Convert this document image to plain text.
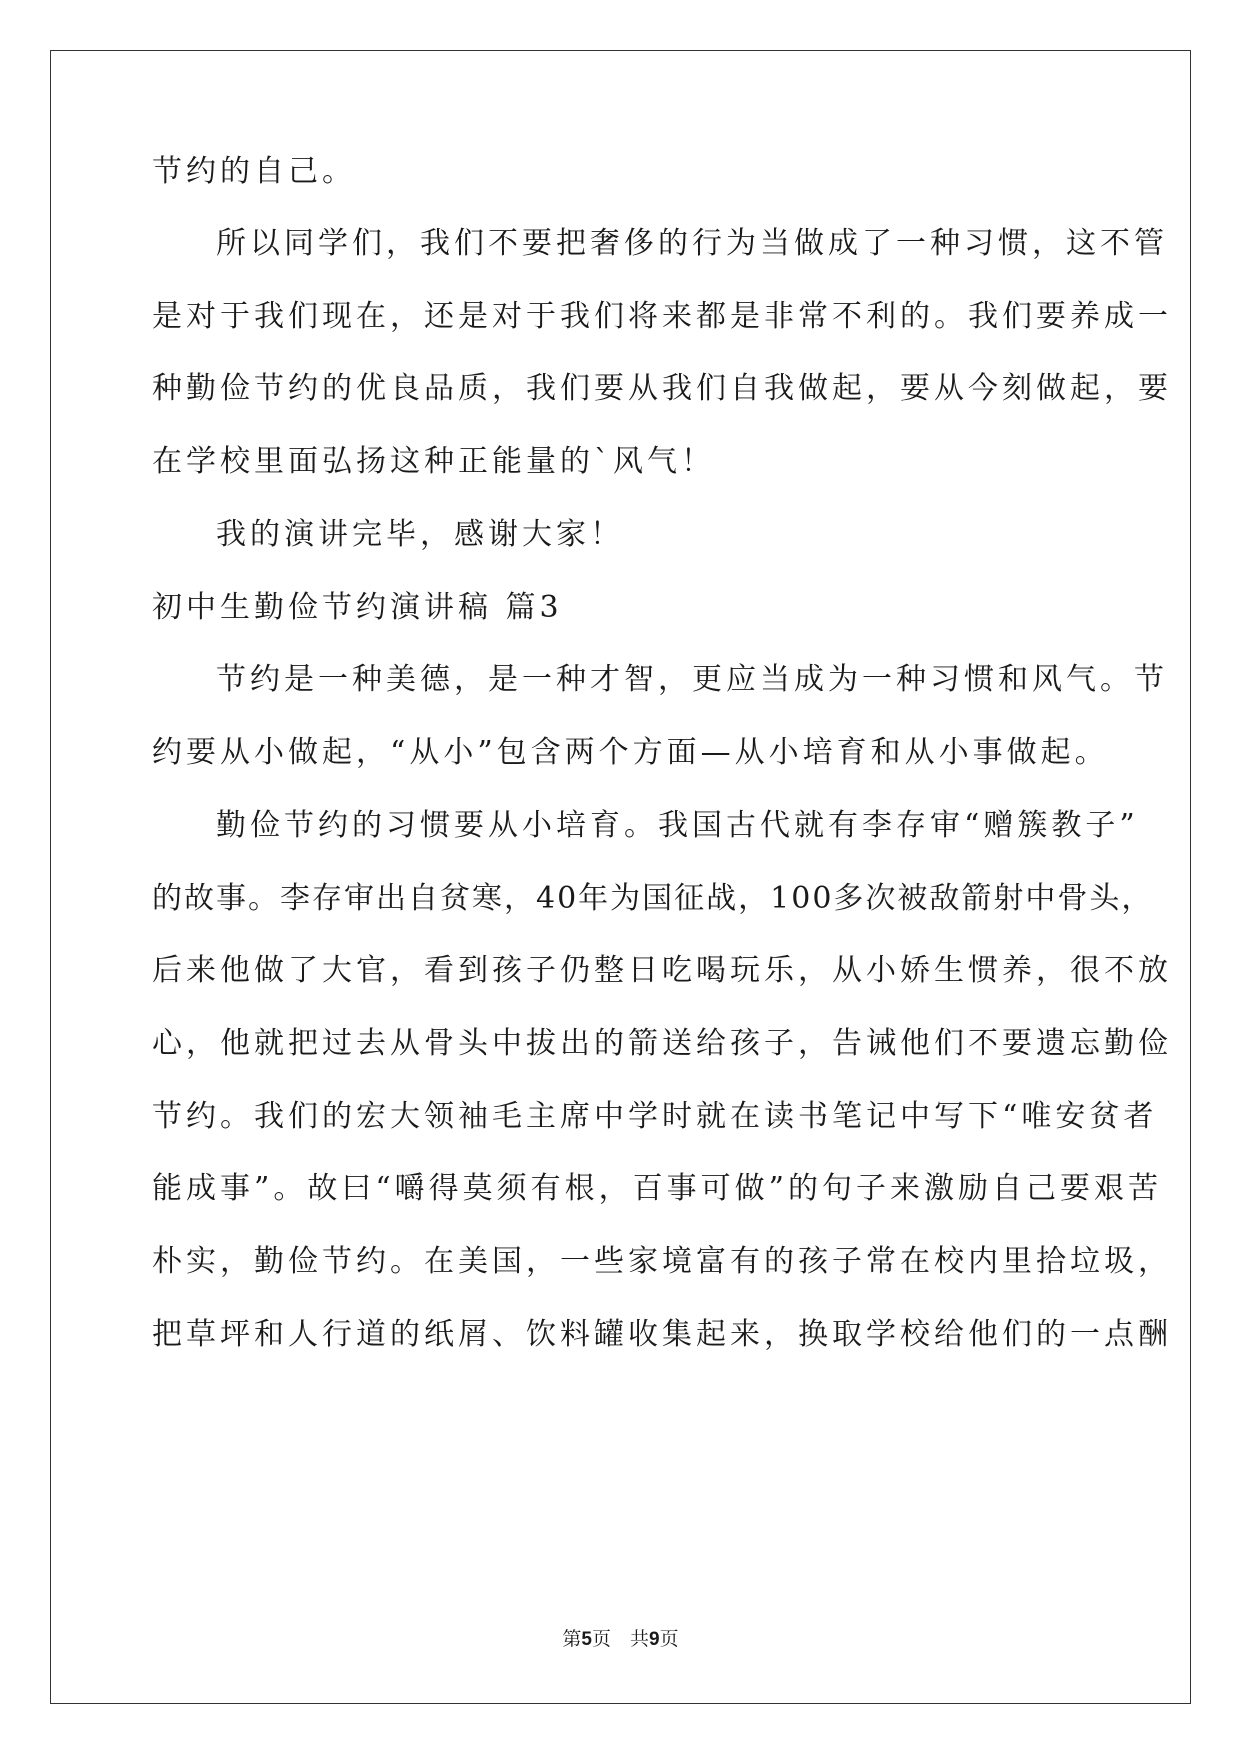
节约的自己。
所以同学们，我们不要把奢侈的行为当做成了一种习惯，这不管
是对于我们现在，还是对于我们将来都是非常不利的。我们要养成一
种勤俭节约的优良品质，我们要从我们自我做起，要从今刻做起，要
在学校里面弘扬这种正能量的`风气！
我的演讲完毕，感谢大家！
初中生勤俭节约演讲稿 篇3
节约是一种美德，是一种才智，更应当成为一种习惯和风气。节
约要从小做起，“从小”包含两个方面—从小培育和从小事做起。
勤俭节约的习惯要从小培育。我国古代就有李存审“赠簇教子”
的故事。李存审出自贫寒，40年为国征战，100多次被敌箭射中骨头，
后来他做了大官，看到孩子仍整日吃喝玩乐，从小娇生惯养，很不放
心，他就把过去从骨头中拔出的箭送给孩子，告诫他们不要遗忘勤俭
节约。我们的宏大领袖毛主席中学时就在读书笔记中写下“唯安贫者
能成事”。故曰“嚼得莫须有根，百事可做”的句子来激励自己要艰苦
朴实，勤俭节约。在美国，一些家境富有的孩子常在校内里拾垃圾，
把草坪和人行道的纸屑、饮料罐收集起来，换取学校给他们的一点酬
第5页　共9页
